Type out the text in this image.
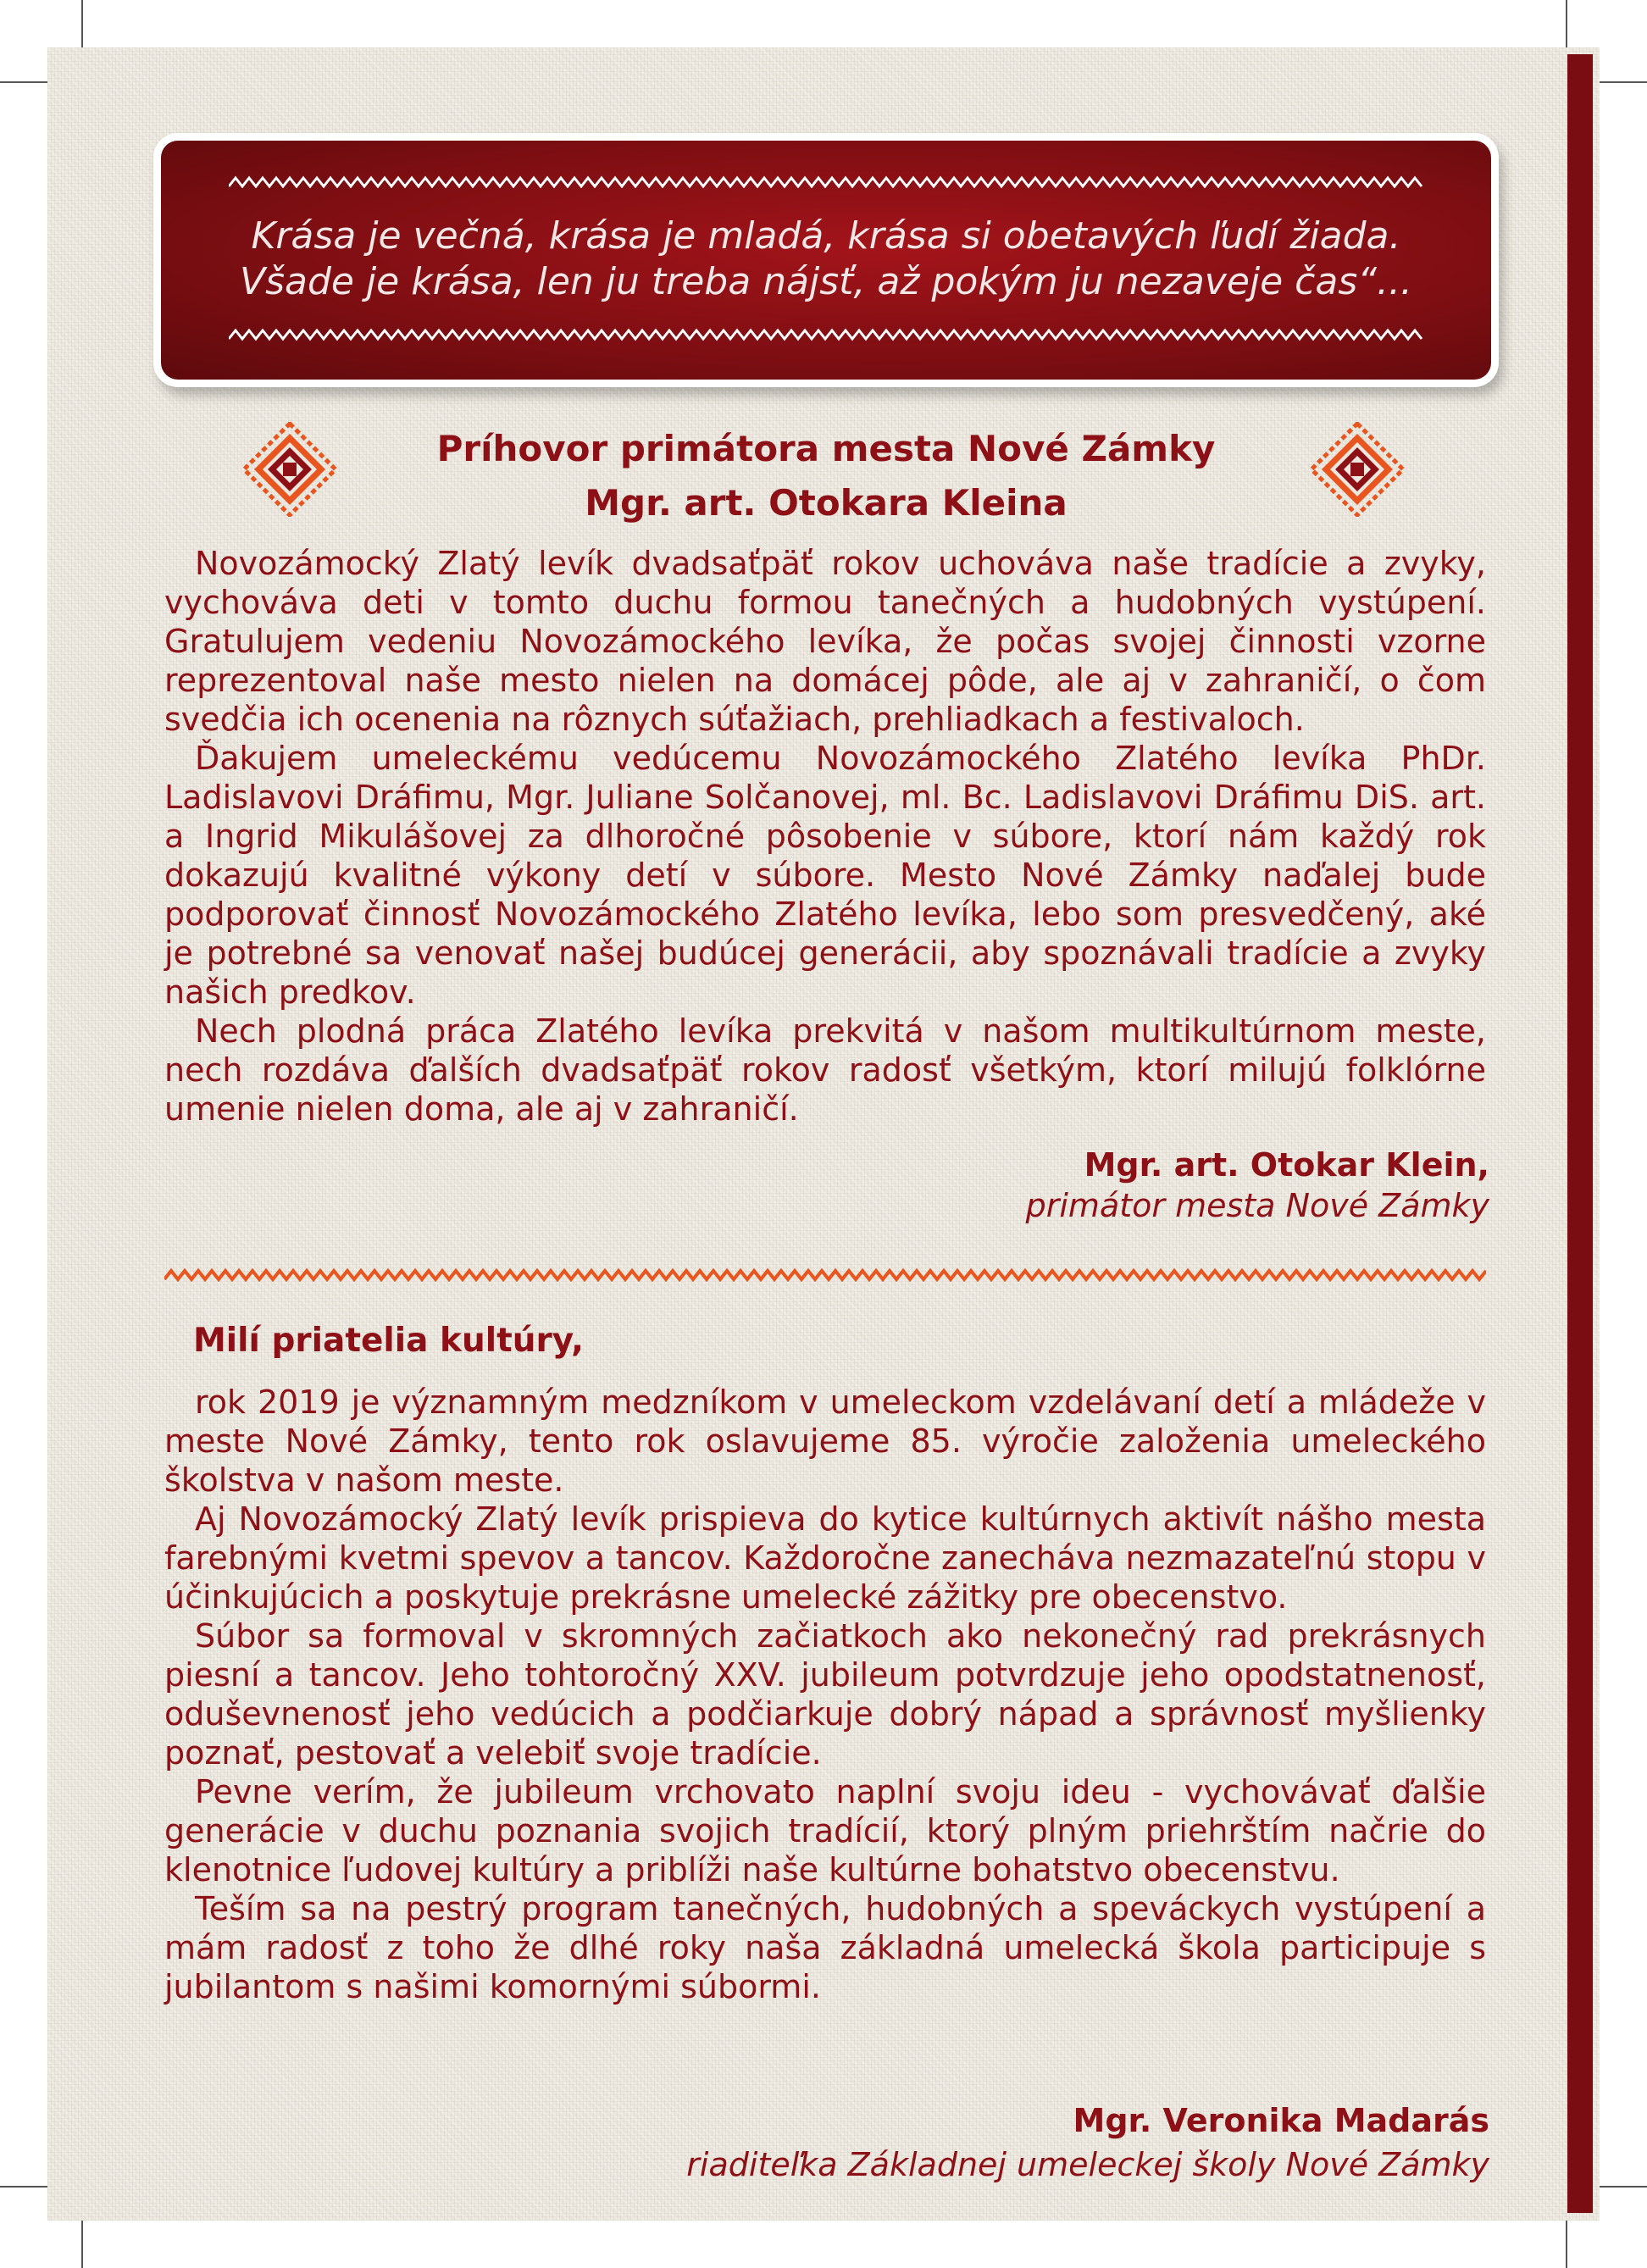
Krása je večná, krása je mladá, krása si obetavých ľudí žiada.
Všade je krása, len ju treba nájsť, až pokým ju nezaveje čas“...
Príhovor primátora mesta Nové Zámky
Mgr. art. Otokara Kleina

Novozámocký Zlatý levík dvadsaťpäť rokov uchováva naše tradície a zvyky, vychováva deti v tomto duchu formou tanečných a hudobných vystúpení. Gratulujem vedeniu Novozámockého levíka, že počas svojej činnosti vzorne reprezentoval naše mesto nielen na domácej pôde, ale aj v zahraničí, o čom svedčia ich ocenenia na rôznych súťažiach, prehliadkach a festivaloch.

Ďakujem umeleckému vedúcemu Novozámockého Zlatého levíka PhDr. Ladislavovi Dráfimu, Mgr. Juliane Solčanovej, ml. Bc. Ladislavovi Dráfimu DiS. art. a Ingrid Mikulášovej za dlhoročné pôsobenie v súbore, ktorí nám každý rok dokazujú kvalitné výkony detí v súbore. Mesto Nové Zámky naďalej bude podporovať činnosť Novozámockého Zlatého levíka, lebo som presvedčený, aké je potrebné sa venovať našej budúcej generácii, aby spoznávali tradície a zvyky našich predkov.

Nech plodná práca Zlatého levíka prekvitá v našom multikultúrnom meste, nech rozdáva ďalších dvadsaťpäť rokov radosť všetkým, ktorí milujú folklórne umenie nielen doma, ale aj v zahraničí.

Mgr. art. Otokar Klein,
primátor mesta Nové Zámky
Milí priatelia kultúry,

rok 2019 je významným medzníkom v umeleckom vzdelávaní detí a mládeže v meste Nové Zámky, tento rok oslavujeme 85. výročie založenia umeleckého školstva v našom meste.

Aj Novozámocký Zlatý levík prispieva do kytice kultúrnych aktivít nášho mesta farebnými kvetmi spevov a tancov. Každoročne zanecháva nezmazateľnú stopu v účinkujúcich a poskytuje prekrásne umelecké zážitky pre obecenstvo.

Súbor sa formoval v skromných začiatkoch ako nekonečný rad prekrásnych piesní a tancov. Jeho tohtoročný XXV. jubileum potvrdzuje jeho opodstatnenosť, oduševnenosť jeho vedúcich a podčiarkuje dobrý nápad a správnosť myšlienky poznať, pestovať a velebiť svoje tradície.

Pevne verím, že jubileum vrchovato naplní svoju ideu - vychovávať ďalšie generácie v duchu poznania svojich tradícií, ktorý plným priehrštím načrie do klenotnice ľudovej kultúry a priblíži naše kultúrne bohatstvo obecenstvu.

Teším sa na pestrý program tanečných, hudobných a speváckych vystúpení a mám radosť z toho že dlhé roky naša základná umelecká škola participuje s jubilantom s našimi komornými súbormi.

Mgr. Veronika Madarás
riaditeľka Základnej umeleckej školy Nové Zámky
